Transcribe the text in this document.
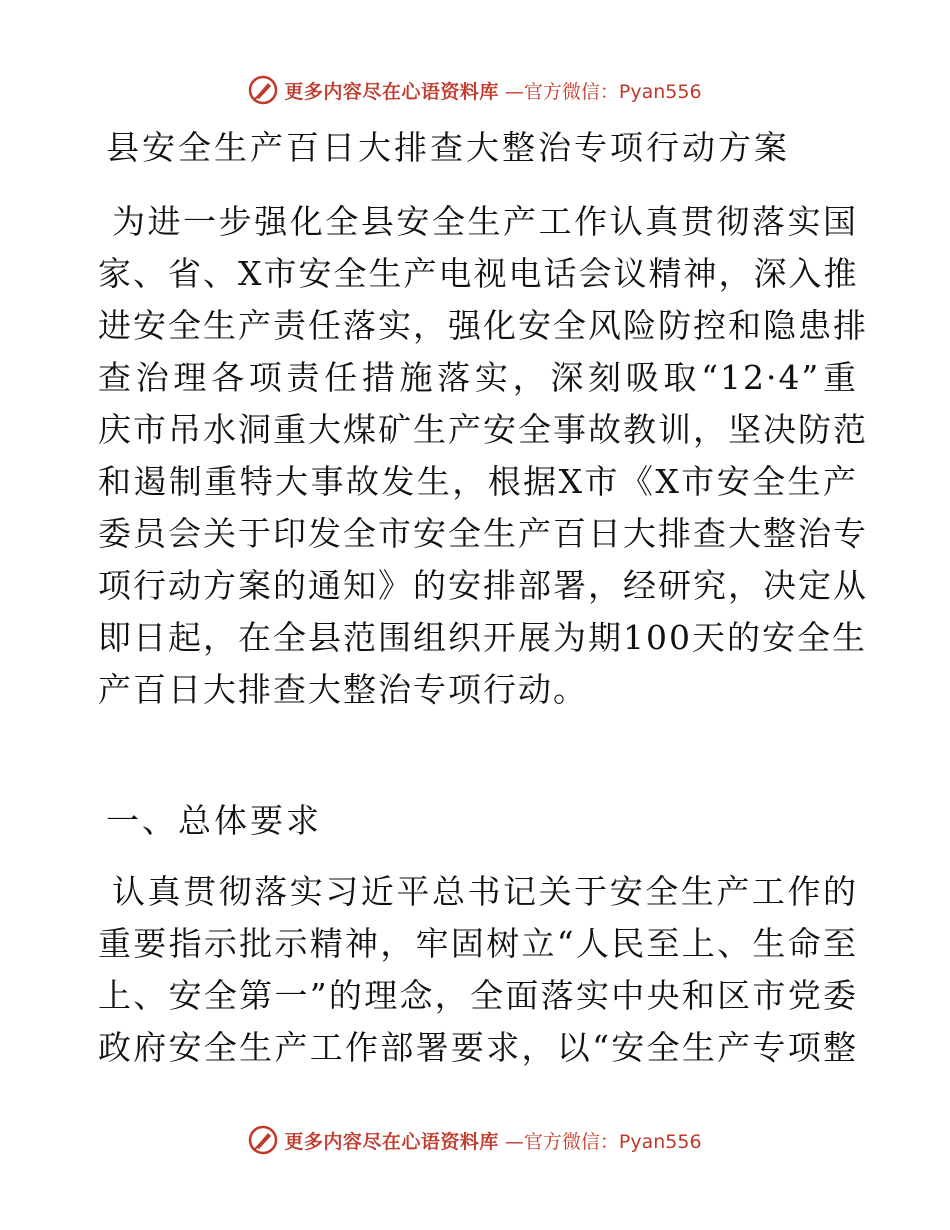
更多内容尽在心语资料库 —官方微信：Pyan556
县安全生产百日大排查大整治专项行动方案
为进一步强化全县安全生产工作认真贯彻落实国
家、省、X市安全生产电视电话会议精神，深入推
进安全生产责任落实，强化安全风险防控和隐患排
查治理各项责任措施落实，深刻吸取“12·4”重
庆市吊水洞重大煤矿生产安全事故教训，坚决防范
和遏制重特大事故发生，根据X市《X市安全生产
委员会关于印发全市安全生产百日大排查大整治专
项行动方案的通知》的安排部署，经研究，决定从
即日起，在全县范围组织开展为期100天的安全生
产百日大排查大整治专项行动。
一、总体要求
认真贯彻落实习近平总书记关于安全生产工作的
重要指示批示精神，牢固树立“人民至上、生命至
上、安全第一”的理念，全面落实中央和区市党委
政府安全生产工作部署要求，以“安全生产专项整
更多内容尽在心语资料库 —官方微信：Pyan556
